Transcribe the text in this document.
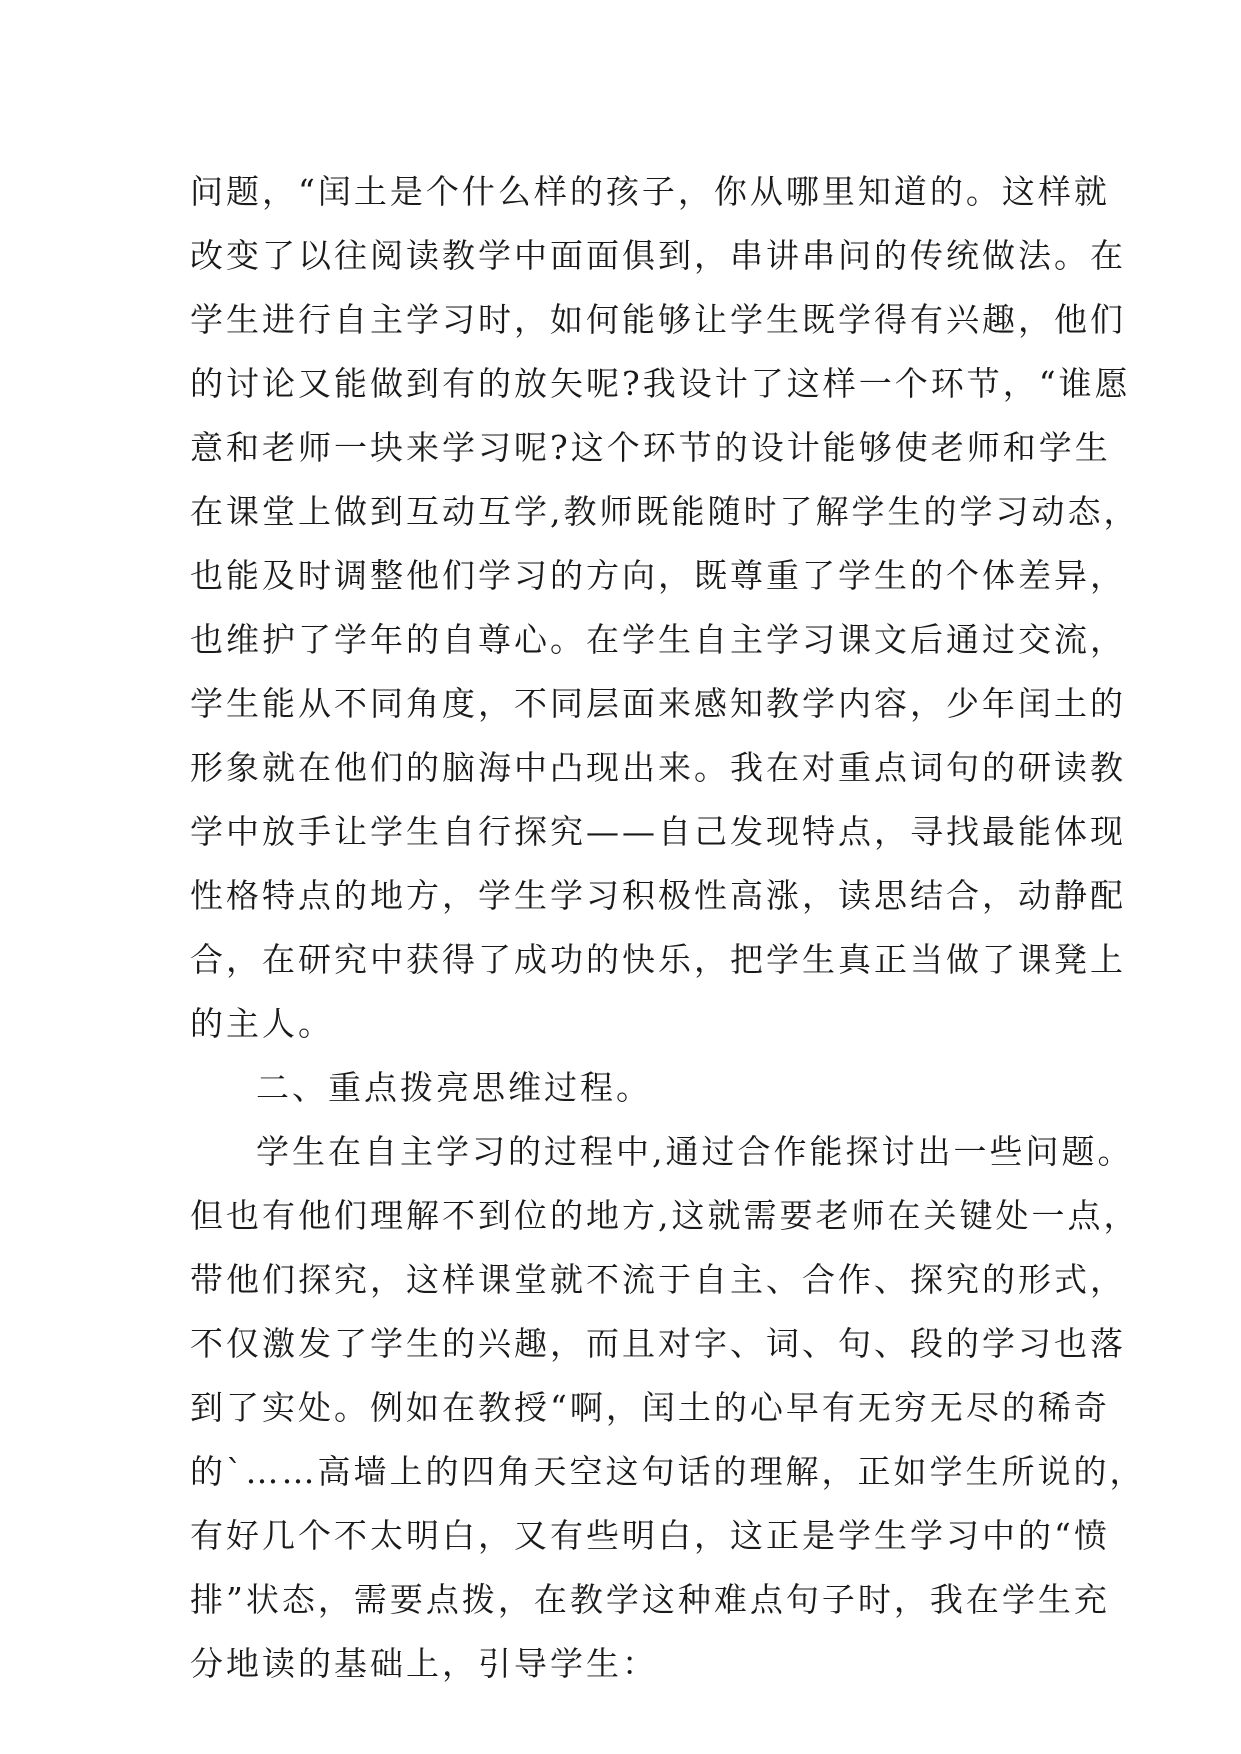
问题，“闰土是个什么样的孩子，你从哪里知道的。这样就
改变了以往阅读教学中面面俱到，串讲串问的传统做法。在
学生进行自主学习时，如何能够让学生既学得有兴趣，他们
的讨论又能做到有的放矢呢?我设计了这样一个环节，“谁愿
意和老师一块来学习呢?这个环节的设计能够使老师和学生
在课堂上做到互动互学,教师既能随时了解学生的学习动态，
也能及时调整他们学习的方向，既尊重了学生的个体差异，
也维护了学年的自尊心。在学生自主学习课文后通过交流，
学生能从不同角度，不同层面来感知教学内容，少年闰土的
形象就在他们的脑海中凸现出来。我在对重点词句的研读教
学中放手让学生自行探究——自己发现特点，寻找最能体现
性格特点的地方，学生学习积极性高涨，读思结合，动静配
合，在研究中获得了成功的快乐，把学生真正当做了课凳上
的主人。
二、重点拨亮思维过程。
学生在自主学习的过程中,通过合作能探讨出一些问题。
但也有他们理解不到位的地方,这就需要老师在关键处一点，
带他们探究，这样课堂就不流于自主、合作、探究的形式，
不仅激发了学生的兴趣，而且对字、词、句、段的学习也落
到了实处。例如在教授“啊，闰土的心早有无穷无尽的稀奇
的`……高墙上的四角天空这句话的理解，正如学生所说的，
有好几个不太明白，又有些明白，这正是学生学习中的“愤
排”状态，需要点拨，在教学这种难点句子时，我在学生充
分地读的基础上，引导学生：
